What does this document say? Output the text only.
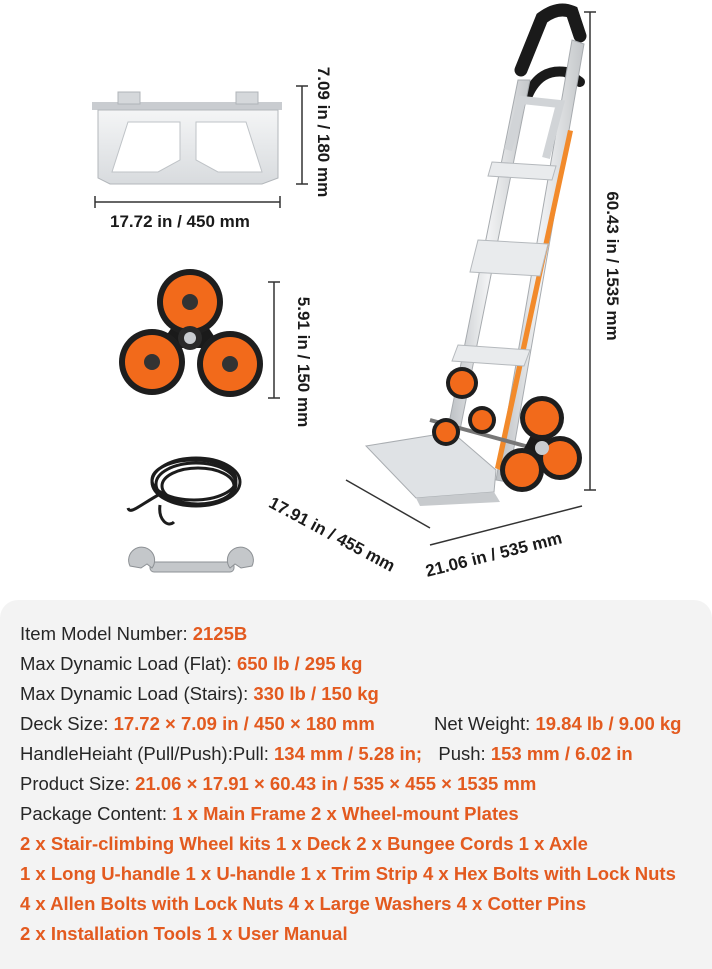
17.72 in / 450 mm
7.09 in / 180 mm
5.91 in / 150 mm
60.43 in / 1535 mm
17.91 in / 455 mm 21.06 in / 535 mm
Item Model Number: 2125B
Max Dynamic Load (Flat): 650 lb / 295 kg
Max Dynamic Load (Stairs): 330 lb / 150 kg
Deck Size: 17.72 × 7.09 in / 450 × 180 mm	Net Weight: 19.84 lb / 9.00 kg
HandleHeiaht (Pull/Push):Pull: 134 mm / 5.28 in; Push: 153 mm / 6.02 in
Product Size: 21.06 × 17.91 × 60.43 in / 535 × 455 × 1535 mm
Package Content: 1 x Main Frame 2 x Wheel-mount Plates
2 x Stair-climbing Wheel kits 1 x Deck 2 x Bungee Cords 1 x Axle
1 x Long U-handle 1 x U-handle 1 x Trim Strip 4 x Hex Bolts with Lock Nuts
4 x Allen Bolts with Lock Nuts 4 x Large Washers 4 x Cotter Pins
2 x Installation Tools 1 x User Manual
